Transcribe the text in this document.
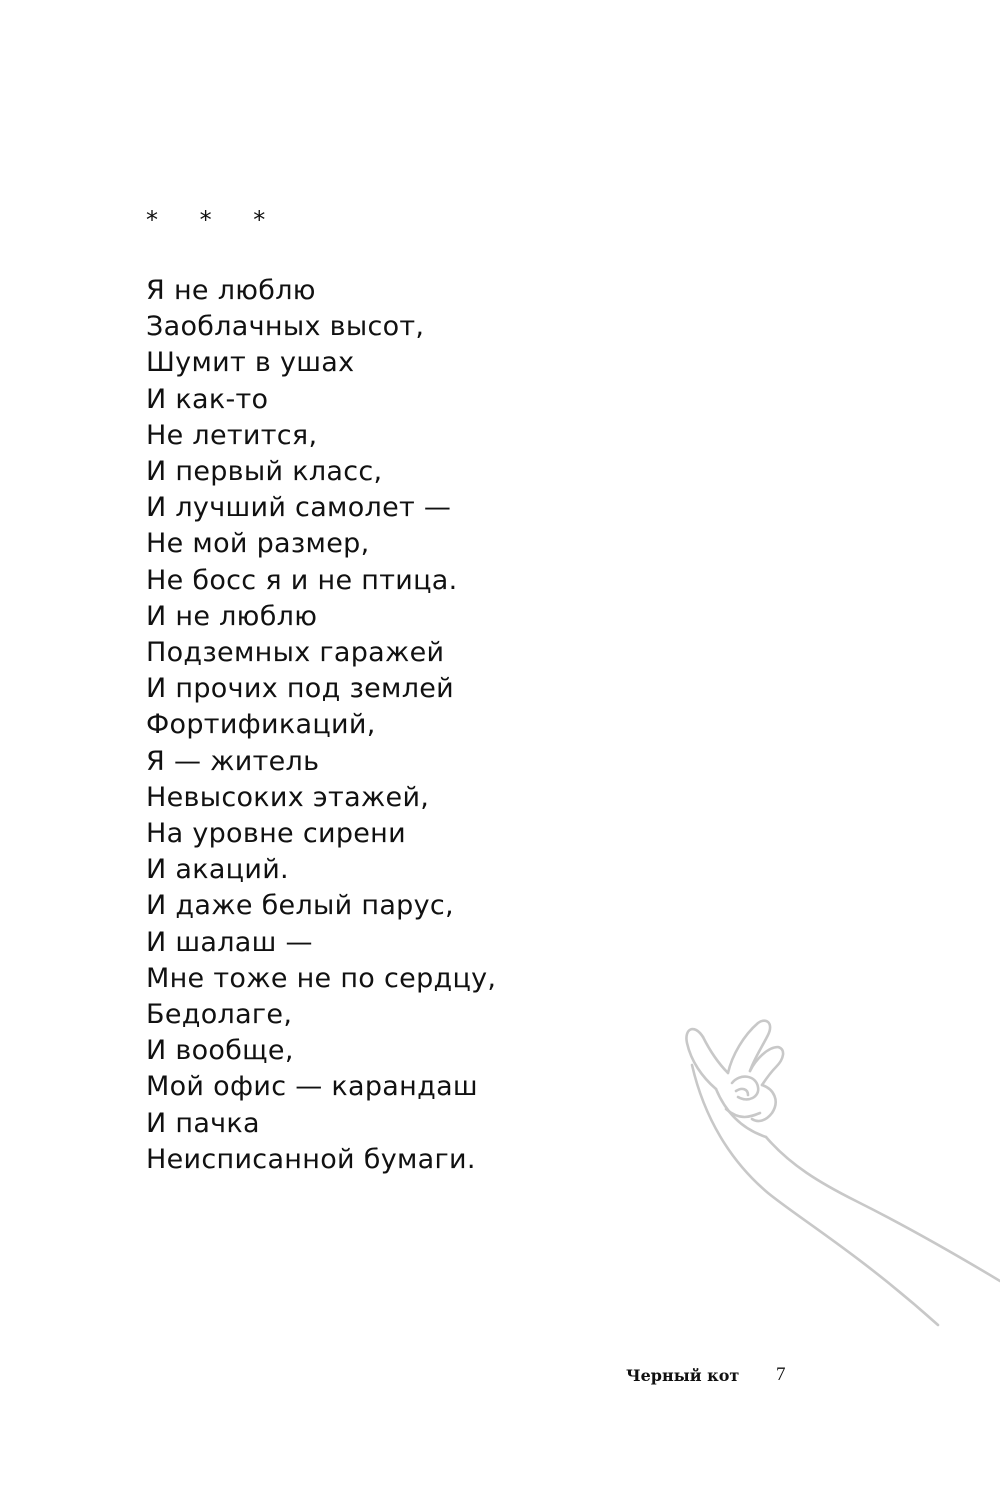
* * *
Я не люблю
Заоблачных высот,
Шумит в ушах
И как-то
Не летится,
И первый класс,
И лучший самолет —
Не мой размер,
Не босс я и не птица.
И не люблю
Подземных гаражей
И прочих под землей
Фортификаций,
Я — житель
Невысоких этажей,
На уровне сирени
И акаций.
И даже белый парус,
И шалаш —
Мне тоже не по сердцу,
Бедолаге,
И вообще,
Мой офис — карандаш
И пачка
Неисписанной бумаги.
Черный кот 7
